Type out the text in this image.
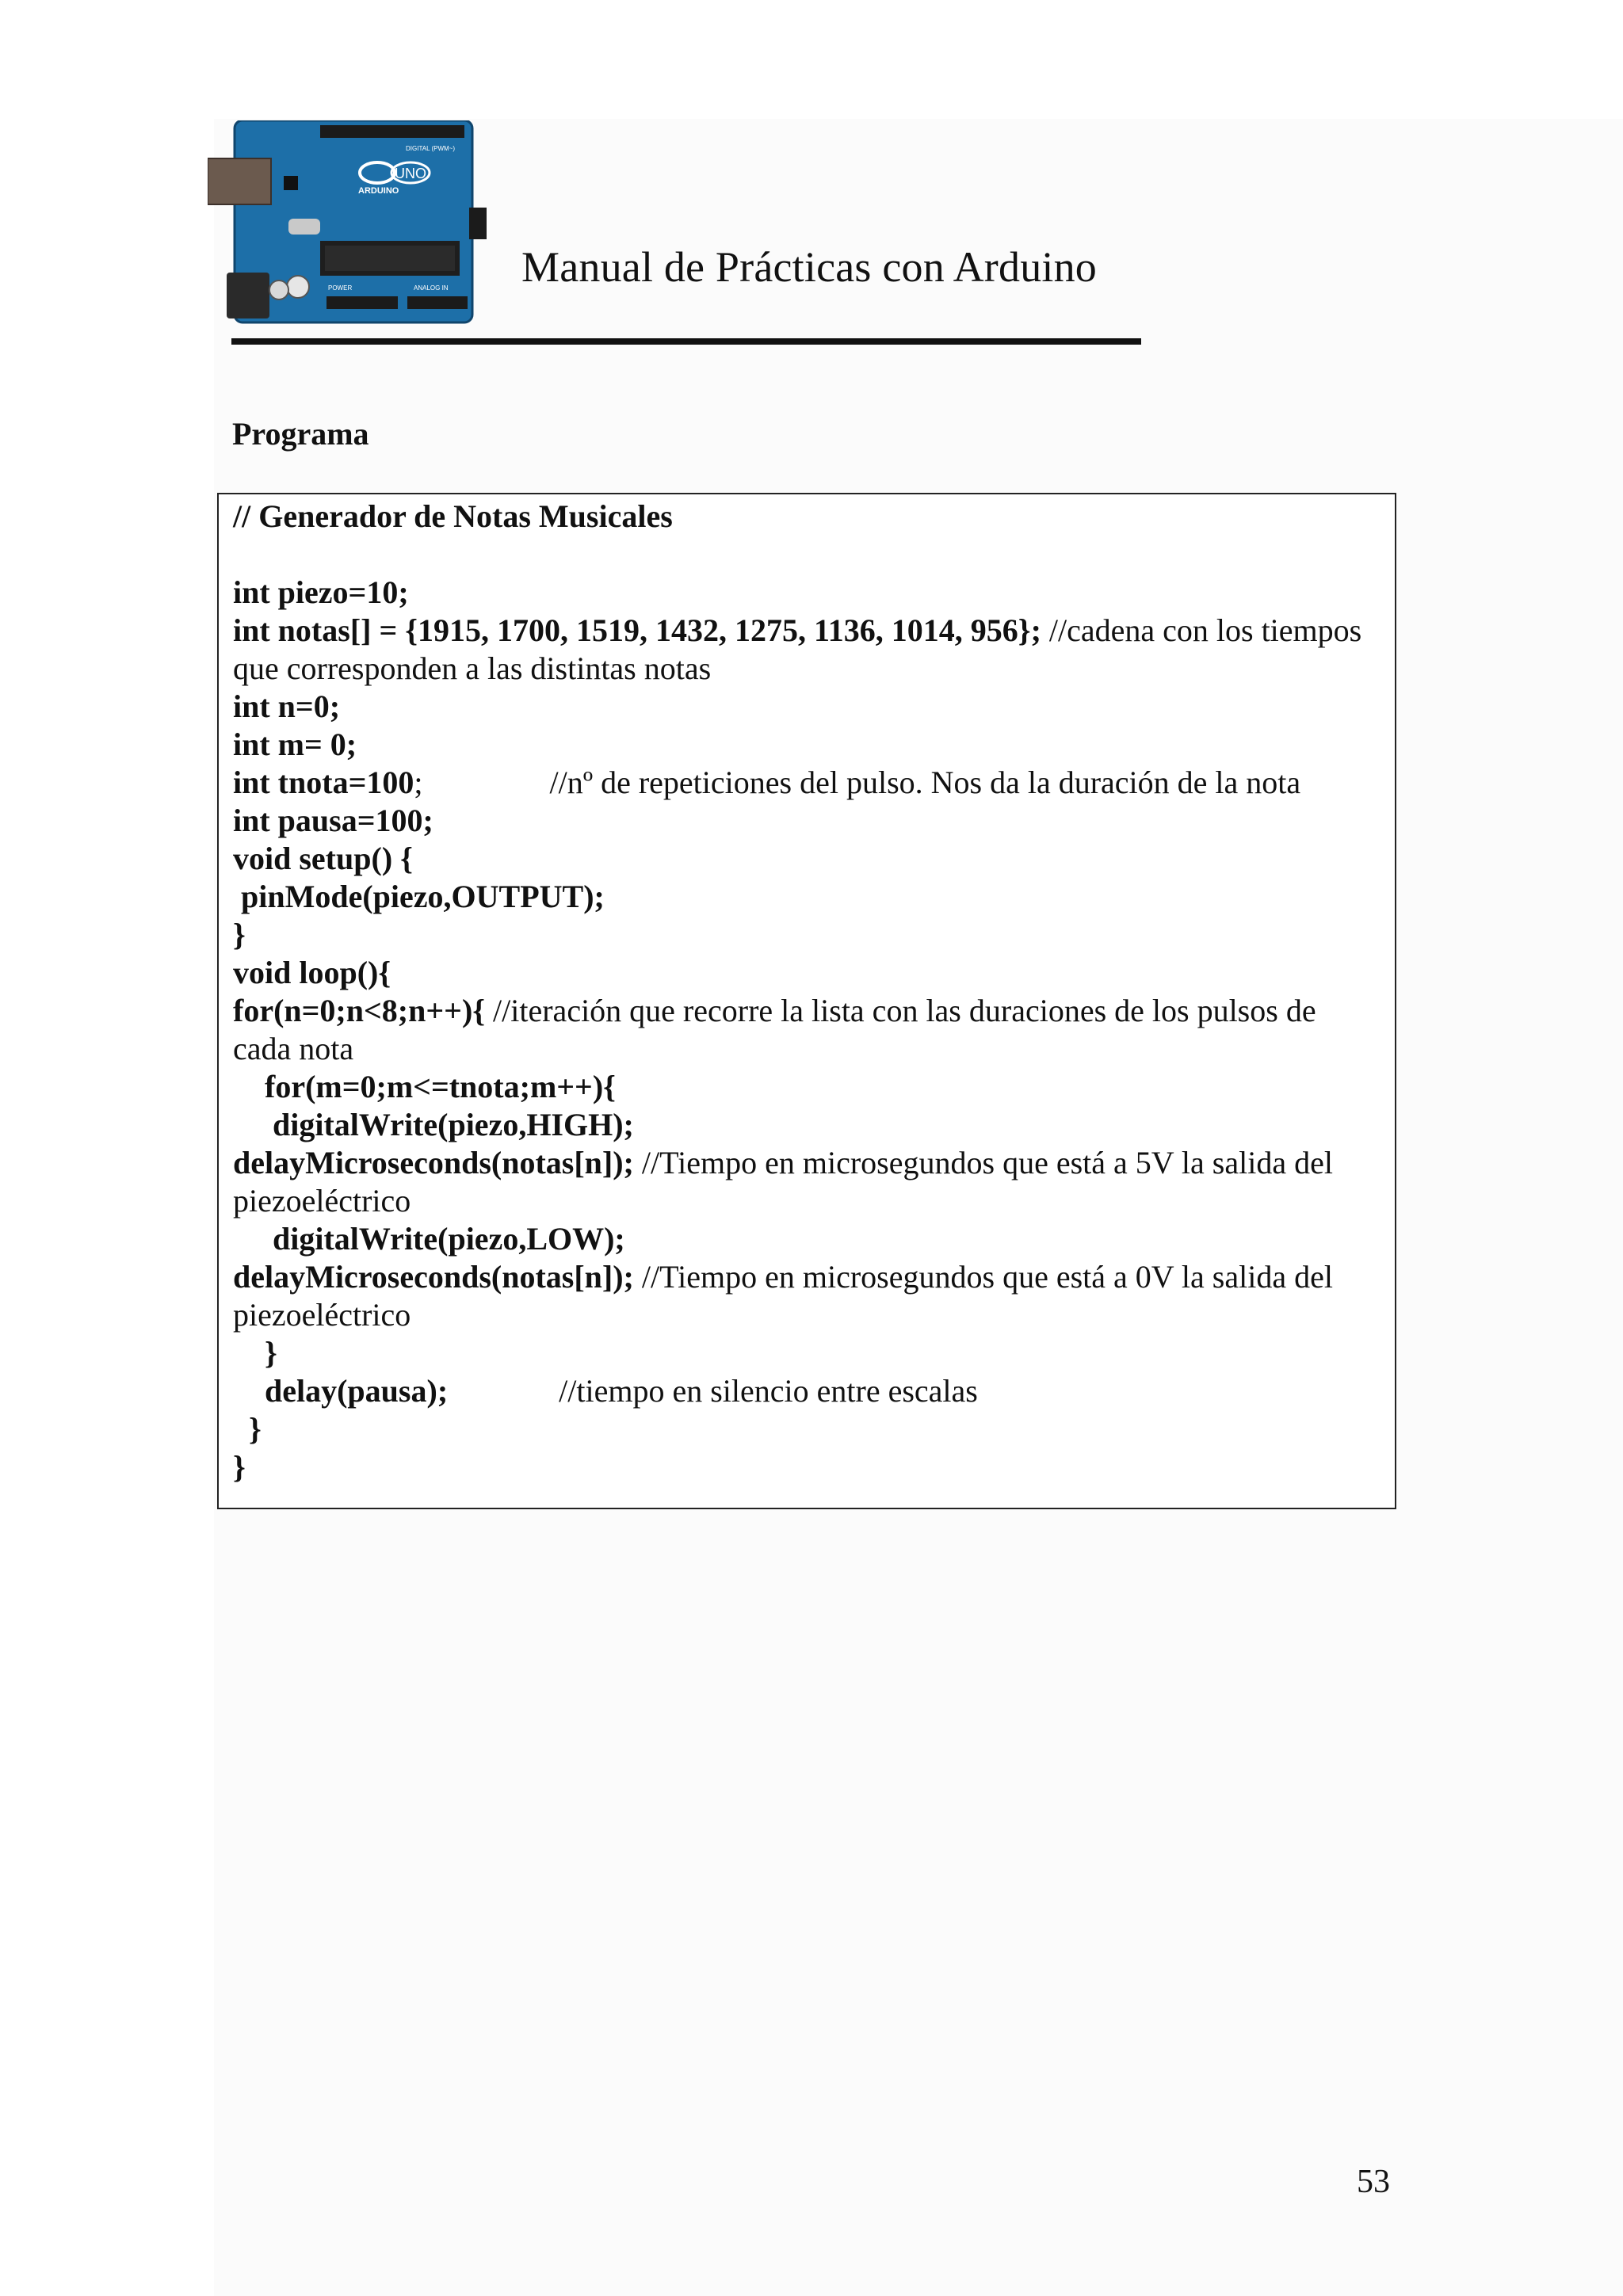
UNO
ARDUINO
DIGITAL (PWM~)
POWER	ANALOG IN Manual de Prácticas con Arduino
Programa
// Generador de Notas Musicales
int piezo=10;
int notas[] = {1915, 1700, 1519, 1432, 1275, 1136, 1014, 956}; //cadena con los tiempos que corresponden a las distintas notas
int n=0;
int m= 0;
int tnota=100;                //nº de repeticiones del pulso. Nos da la duración de la nota
int pausa=100;
void setup() {
pinMode(piezo,OUTPUT);
}
void loop(){
for(n=0;n<8;n++){ //iteración que recorre la lista con las duraciones de los pulsos de cada nota
for(m=0;m<=tnota;m++){
digitalWrite(piezo,HIGH);
delayMicroseconds(notas[n]); //Tiempo en microsegundos que está a 5V la salida del piezoeléctrico
digitalWrite(piezo,LOW);
delayMicroseconds(notas[n]); //Tiempo en microsegundos que está a 0V la salida del piezoeléctrico
}
delay(pausa);              //tiempo en silencio entre escalas
}
}
53
